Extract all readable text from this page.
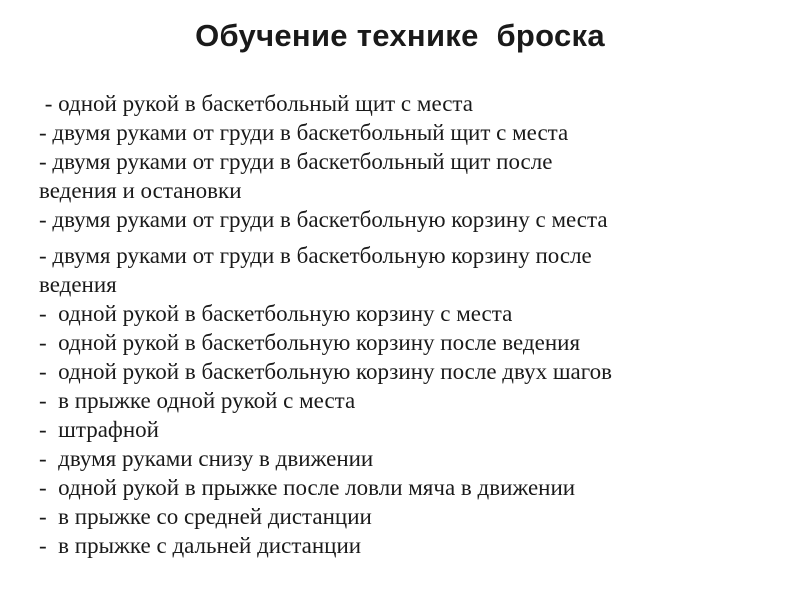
Обучение технике  броска

- одной рукой в баскетбольный щит с места

- двумя руками от груди в баскетбольный щит с места

- двумя руками от груди в баскетбольный щит после

ведения и остановки

- двумя руками от груди в баскетбольную корзину с места

- двумя руками от груди в баскетбольную корзину после

ведения

-  одной рукой в баскетбольную корзину с места

-  одной рукой в баскетбольную корзину после ведения

-  одной рукой в баскетбольную корзину после двух шагов

-  в прыжке одной рукой с места

-  штрафной

-  двумя руками снизу в движении

-  одной рукой в прыжке после ловли мяча в движении

-  в прыжке со средней дистанции

-  в прыжке с дальней дистанции
